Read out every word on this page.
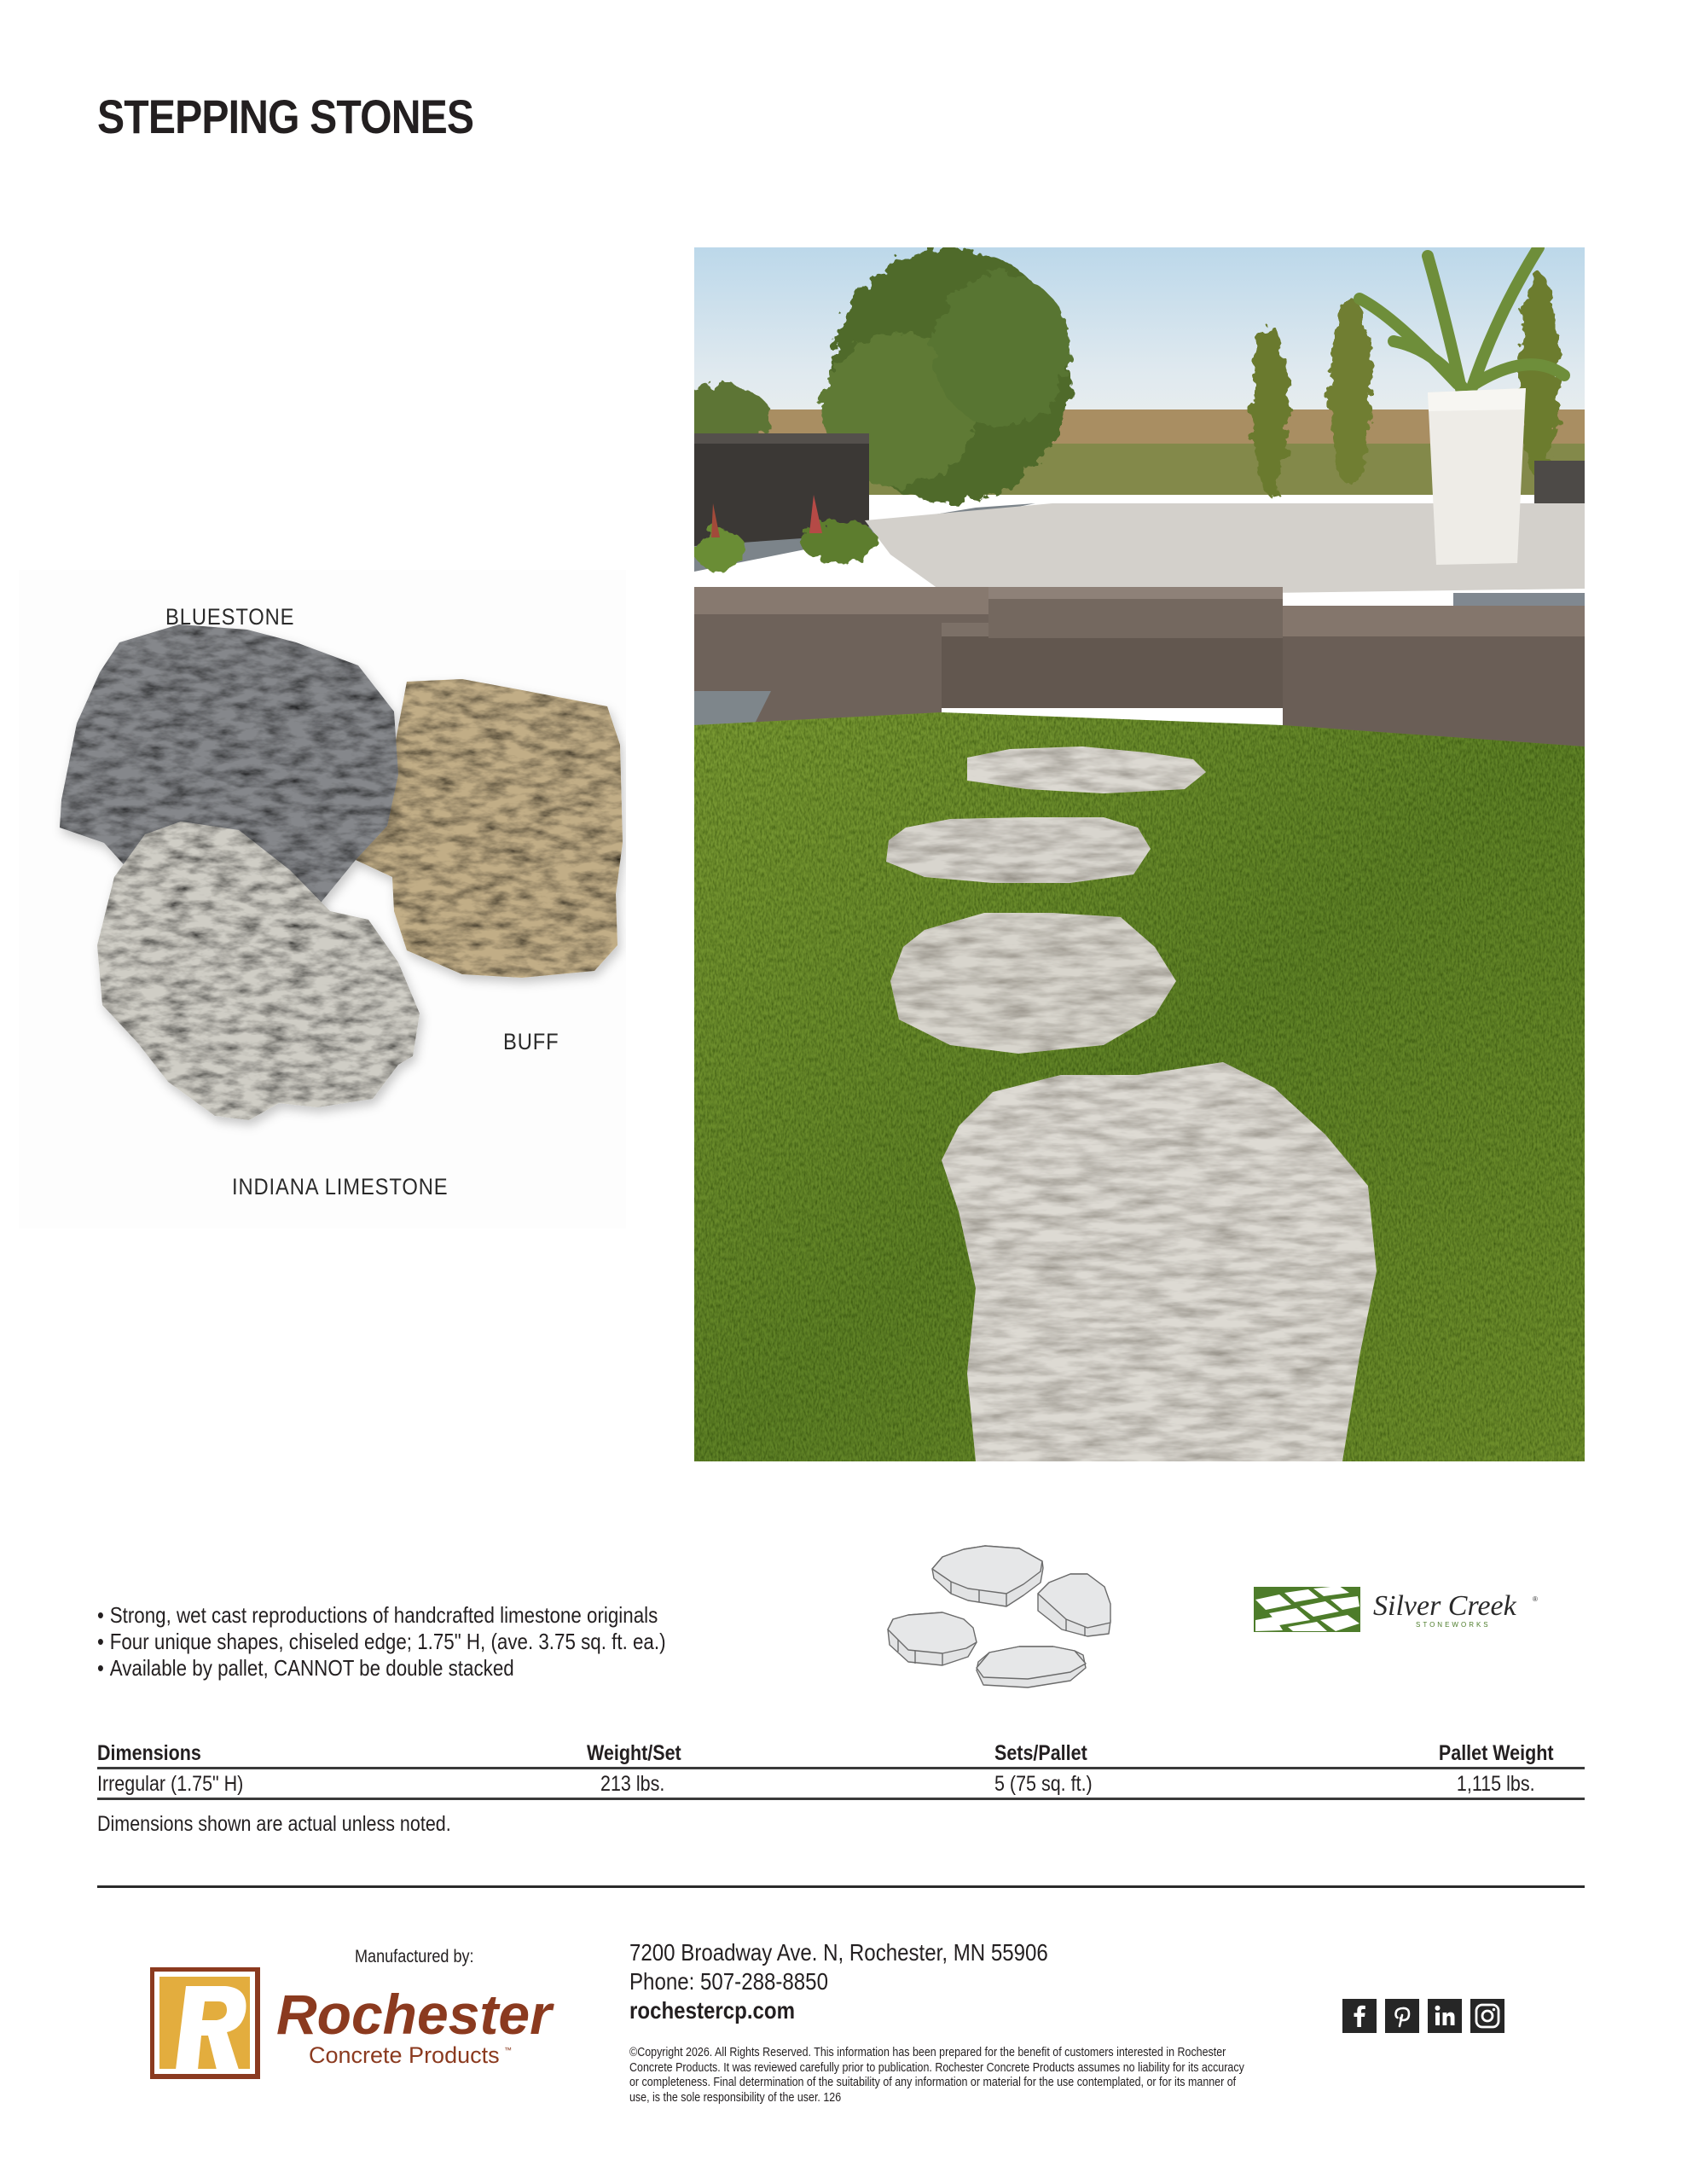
STEPPING STONES
BLUESTONE
BUFF
INDIANA LIMESTONE
• Strong, wet cast reproductions of handcrafted limestone originals
• Four unique shapes, chiseled edge; 1.75" H, (ave. 3.75 sq. ft. ea.)
• Available by pallet, CANNOT be double stacked
Silver Creek ®
STONEWORKS
Dimensions	Weight/Set	Sets/Pallet	Pallet Weight
Irregular (1.75" H)	213 lbs.	5 (75 sq. ft.)	1,115 lbs.
Dimensions shown are actual unless noted.
Manufactured by:
Rochester
Concrete Products ™
7200 Broadway Ave. N, Rochester, MN 55906
Phone: 507-288-8850
rochestercp.com
©Copyright 2026. All Rights Reserved. This information has been prepared for the benefit of customers interested in Rochester Concrete Products. It was reviewed carefully prior to publication. Rochester Concrete Products assumes no liability for its accuracy or completeness. Final determination of the suitability of any information or material for the use contemplated, or for its manner of use, is the sole responsibility of the user. 126
